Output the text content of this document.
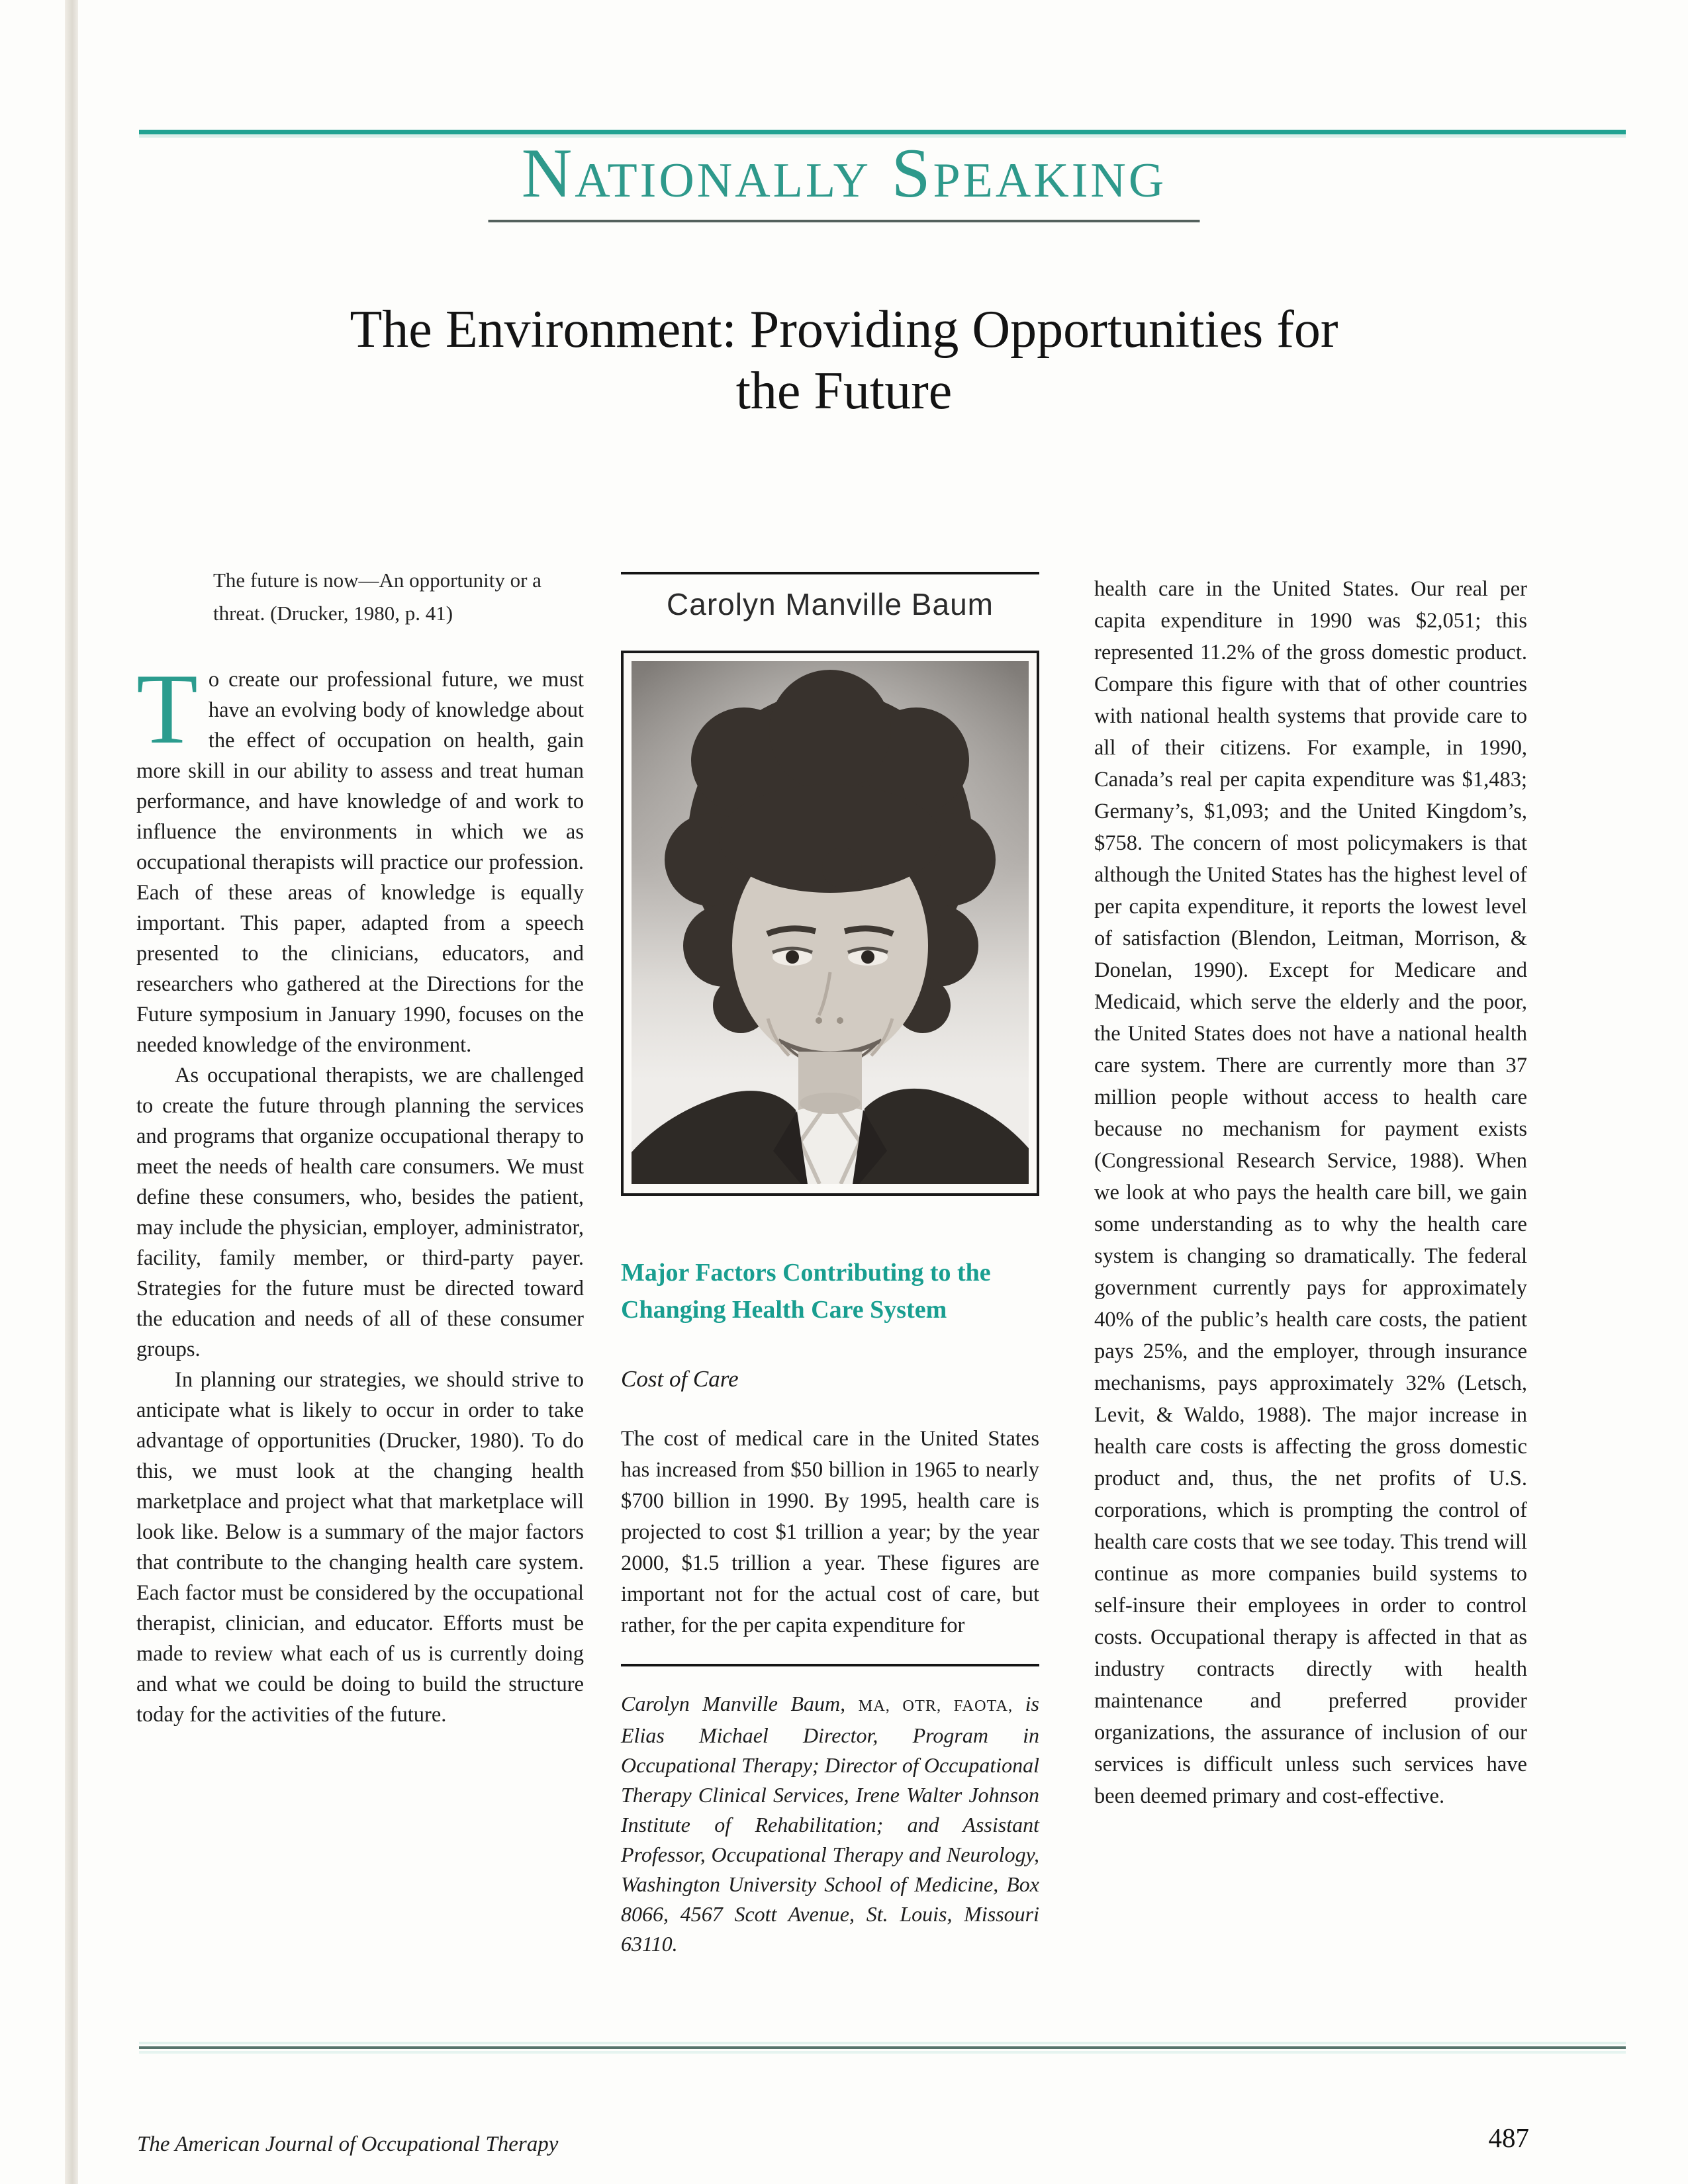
Nationally Speaking
The Environment: Providing Opportunities for
the Future
The future is now—An opportunity or a threat. (Drucker, 1980, p. 41)

To create our professional future, we must have an evolving body of knowledge about the effect of occupation on health, gain more skill in our ability to assess and treat human performance, and have knowledge of and work to influence the environments in which we as occupational therapists will practice our profession. Each of these areas of knowledge is equally important. This paper, adapted from a speech presented to the clinicians, educators, and researchers who gathered at the Directions for the Future symposium in January 1990, focuses on the needed knowledge of the environment.

As occupational therapists, we are challenged to create the future through planning the services and programs that organize occupational therapy to meet the needs of health care consumers. We must define these consumers, who, besides the patient, may include the physician, employer, administrator, facility, family member, or third-party payer. Strategies for the future must be directed toward the education and needs of all of these consumer groups.

In planning our strategies, we should strive to anticipate what is likely to occur in order to take advantage of opportunities (Drucker, 1980). To do this, we must look at the changing health marketplace and project what that marketplace will look like. Below is a summary of the major factors that contribute to the changing health care system. Each factor must be considered by the occupational therapist, clinician, and educator. Efforts must be made to review what each of us is currently doing and what we could be doing to build the structure today for the activities of the future.

Carolyn Manville Baum
Major Factors Contributing to the Changing Health Care System
Cost of Care
The cost of medical care in the United States has increased from $50 billion in 1965 to nearly $700 billion in 1990. By 1995, health care is projected to cost $1 trillion a year; by the year 2000, $1.5 trillion a year. These figures are important not for the actual cost of care, but rather, for the per capita expenditure for
Carolyn Manville Baum, MA, OTR, FAOTA, is Elias Michael Director, Program in Occupational Therapy; Director of Occupational Therapy Clinical Services, Irene Walter Johnson Institute of Rehabilitation; and Assistant Professor, Occupational Therapy and Neurology, Washington University School of Medicine, Box 8066, 4567 Scott Avenue, St. Louis, Missouri 63110.
health care in the United States. Our real per capita expenditure in 1990 was $2,051; this represented 11.2% of the gross domestic product. Compare this figure with that of other countries with national health systems that provide care to all of their citizens. For example, in 1990, Canada’s real per capita expenditure was $1,483; Germany’s, $1,093; and the United Kingdom’s, $758. The concern of most policymakers is that although the United States has the highest level of per capita expenditure, it reports the lowest level of satisfaction (Blendon, Leitman, Morrison, & Donelan, 1990). Except for Medicare and Medicaid, which serve the elderly and the poor, the United States does not have a national health care system. There are currently more than 37 million people without access to health care because no mechanism for payment exists (Congressional Research Service, 1988). When we look at who pays the health care bill, we gain some understanding as to why the health care system is changing so dramatically. The federal government currently pays for approximately 40% of the public’s health care costs, the patient pays 25%, and the employer, through insurance mechanisms, pays approximately 32% (Letsch, Levit, & Waldo, 1988). The major increase in health care costs is affecting the gross domestic product and, thus, the net profits of U.S. corporations, which is prompting the control of health care costs that we see today. This trend will continue as more companies build systems to self-insure their employees in order to control costs. Occupational therapy is affected in that as industry contracts directly with health maintenance and preferred provider organizations, the assurance of inclusion of our services is difficult unless such services have been deemed primary and cost-effective.
The American Journal of Occupational Therapy	487
